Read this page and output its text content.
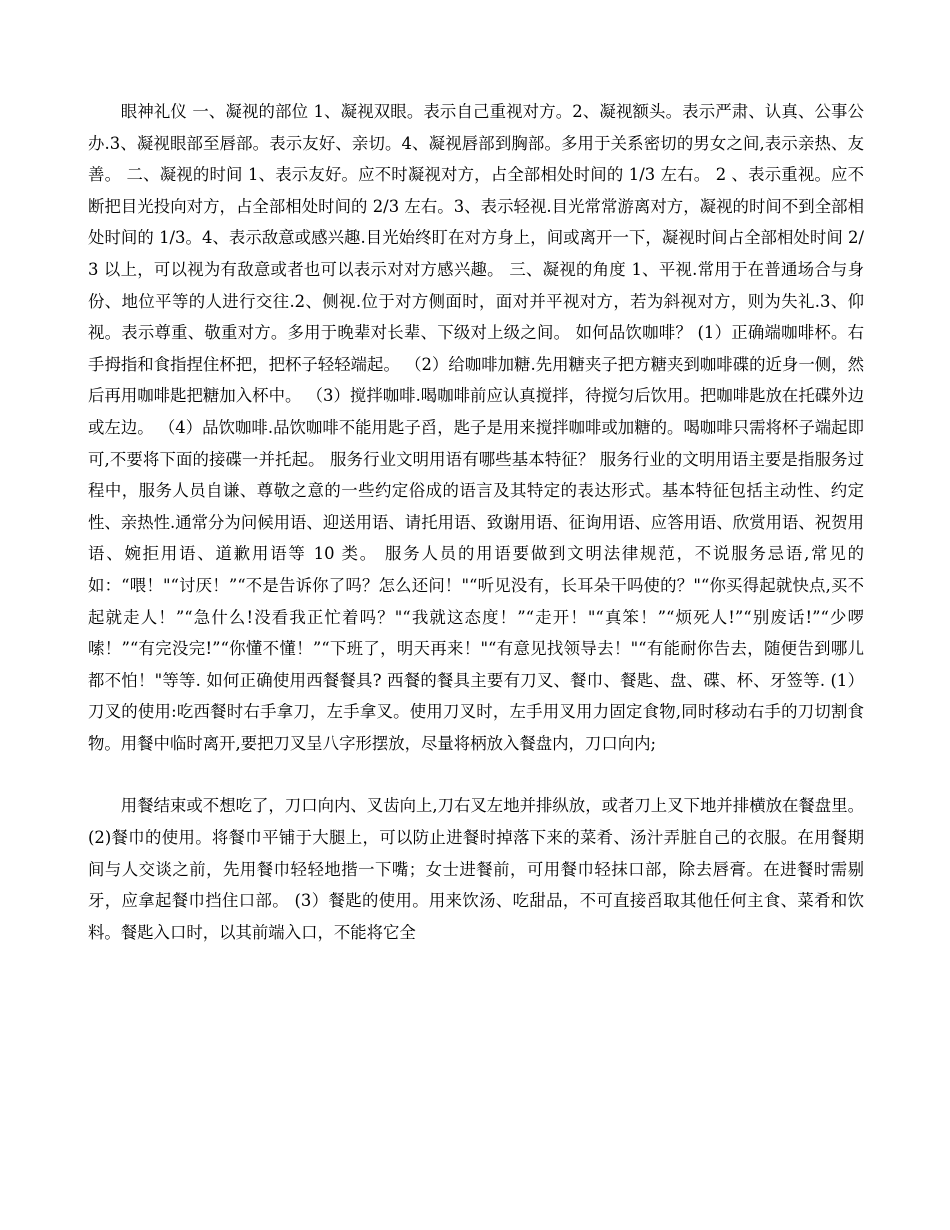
眼神礼仪 一、凝视的部位 1、凝视双眼。表示自己重视对方。2、凝视额头。表示严肃、认真、公事公办.3、凝视眼部至唇部。表示友好、亲切。4、凝视唇部到胸部。多用于关系密切的男女之间,表示亲热、友善。 二、凝视的时间 1、表示友好。应不时凝视对方，占全部相处时间的 1/3 左右。 2 、表示重视。应不断把目光投向对方，占全部相处时间的 2/3 左右。3、表示轻视.目光常常游离对方，凝视的时间不到全部相处时间的 1/3。4、表示敌意或感兴趣.目光始终盯在对方身上，间或离开一下，凝视时间占全部相处时间 2/3 以上，可以视为有敌意或者也可以表示对对方感兴趣。 三、凝视的角度 1、平视.常用于在普通场合与身份、地位平等的人进行交往.2、侧视.位于对方侧面时，面对并平视对方，若为斜视对方，则为失礼.3、仰视。表示尊重、敬重对方。多用于晚辈对长辈、下级对上级之间。 如何品饮咖啡？ (1）正确端咖啡杯。右手拇指和食指捏住杯把，把杯子轻轻端起。 （2）给咖啡加糖.先用糖夹子把方糖夹到咖啡碟的近身一侧，然后再用咖啡匙把糖加入杯中。 （3）搅拌咖啡.喝咖啡前应认真搅拌，待搅匀后饮用。把咖啡匙放在托碟外边或左边。 （4）品饮咖啡.品饮咖啡不能用匙子舀，匙子是用来搅拌咖啡或加糖的。喝咖啡只需将杯子端起即可,不要将下面的接碟一并托起。 服务行业文明用语有哪些基本特征？ 服务行业的文明用语主要是指服务过程中，服务人员自谦、尊敬之意的一些约定俗成的语言及其特定的表达形式。基本特征包括主动性、约定性、亲热性.通常分为问候用语、迎送用语、请托用语、致谢用语、征询用语、应答用语、欣赏用语、祝贺用语、婉拒用语、道歉用语等 10 类。 服务人员的用语要做到文明法律规范，不说服务忌语,常见的如：“喂！"“讨厌！”“不是告诉你了吗？怎么还问！"“听见没有，长耳朵干吗使的？"“你买得起就快点,买不起就走人！”“急什么!没看我正忙着吗？"“我就这态度！”“走开！"“真笨！”“烦死人!”“别废话!”“少啰嗦！”“有完没完!”“你懂不懂！”“下班了，明天再来！"“有意见找领导去！"“有能耐你告去，随便告到哪儿都不怕！"等等. 如何正确使用西餐餐具? 西餐的餐具主要有刀叉、餐巾、餐匙、盘、碟、杯、牙签等. (1）刀叉的使用:吃西餐时右手拿刀，左手拿叉。使用刀叉时，左手用叉用力固定食物,同时移动右手的刀切割食物。用餐中临时离开,要把刀叉呈八字形摆放，尽量将柄放入餐盘内，刀口向内;

用餐结束或不想吃了，刀口向内、叉齿向上,刀右叉左地并排纵放，或者刀上叉下地并排横放在餐盘里。 (2)餐巾的使用。将餐巾平铺于大腿上，可以防止进餐时掉落下来的菜肴、汤汁弄脏自己的衣服。在用餐期间与人交谈之前，先用餐巾轻轻地揩一下嘴；女士进餐前，可用餐巾轻抹口部，除去唇膏。在进餐时需剔牙，应拿起餐巾挡住口部。 (3）餐匙的使用。用来饮汤、吃甜品，不可直接舀取其他任何主食、菜肴和饮料。餐匙入口时，以其前端入口，不能将它全
